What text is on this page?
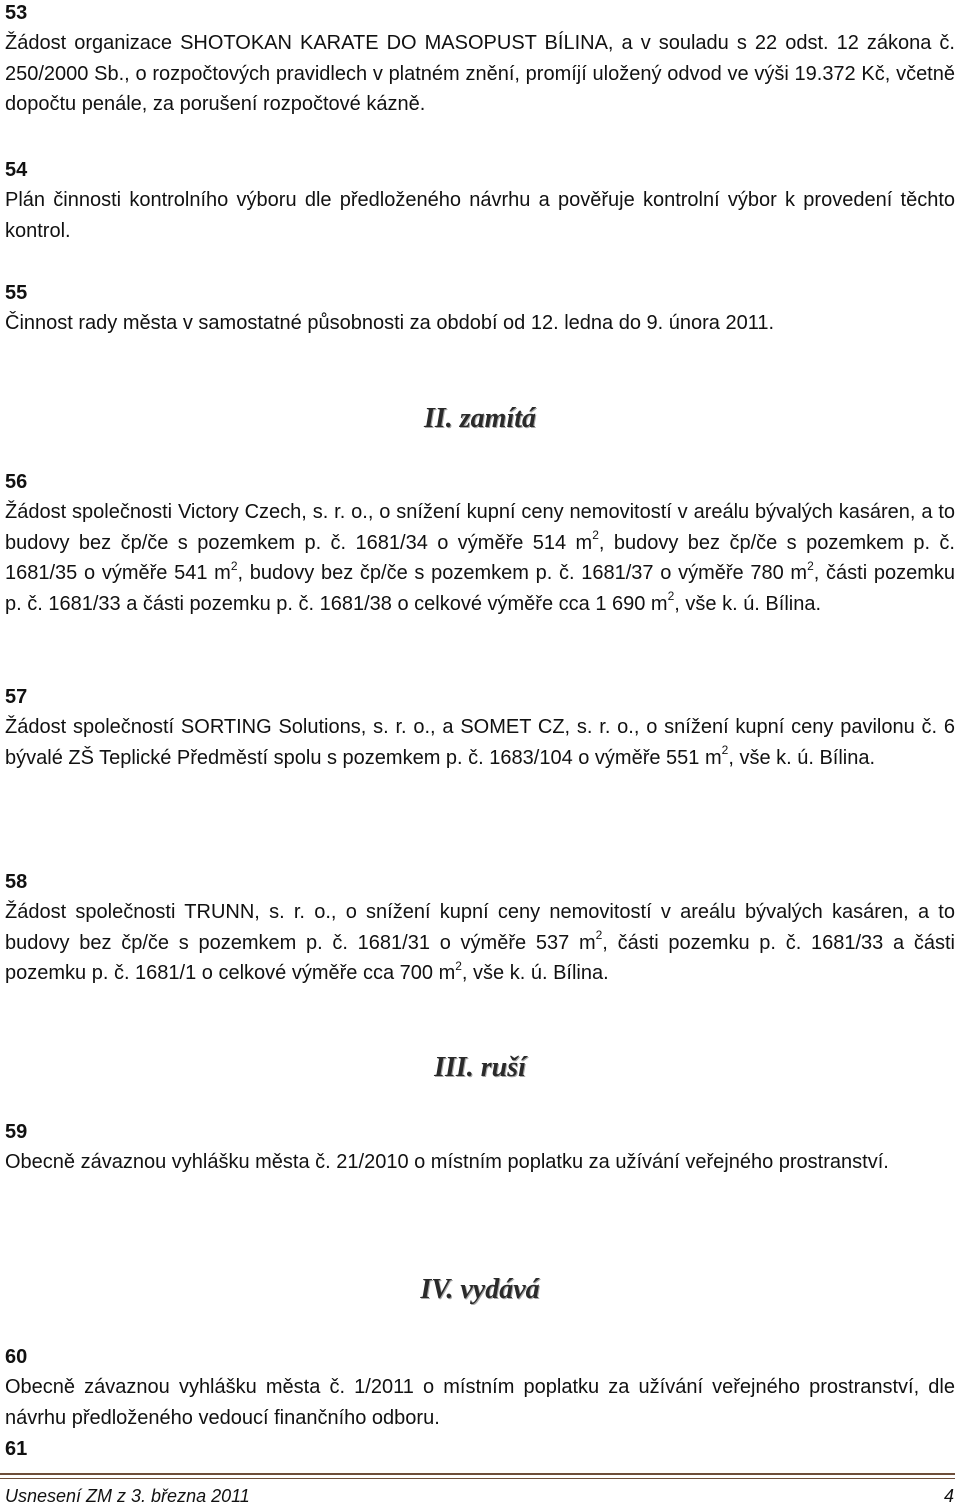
53

Žádost organizace SHOTOKAN KARATE DO MASOPUST BÍLINA, a v souladu s 22 odst. 12 zákona č. 250/2000 Sb., o rozpočtových pravidlech v platném znění, promíjí uložený odvod ve výši 19.372 Kč, včetně dopočtu penále, za porušení rozpočtové kázně.

54

Plán činnosti kontrolního výboru dle předloženého návrhu a pověřuje kontrolní výbor k provedení těchto kontrol.

55

Činnost rady města v samostatné působnosti za období od 12. ledna do 9. února 2011.

II. zamítá

56

Žádost společnosti Victory Czech, s. r. o., o snížení kupní ceny nemovitostí v areálu bývalých kasáren, a to budovy bez čp/če s pozemkem p. č. 1681/34 o výměře 514 $m^2$, budovy bez čp/če s pozemkem p. č. 1681/35 o výměře 541 $m^2$, budovy bez čp/če s pozemkem p. č. 1681/37 o výměře 780 $m^2$, části pozemku p. č. 1681/33 a části pozemku p. č. 1681/38 o celkové výměře cca 1 690 $m^2$, vše k. ú. Bílina.

57

Žádost společností SORTING Solutions, s. r. o., a SOMET CZ, s. r. o., o snížení kupní ceny pavilonu č. 6 bývalé ZŠ Teplické Předměstí spolu s pozemkem p. č. 1683/104 o výměře 551 $m^2$, vše k. ú. Bílina.

58

Žádost společnosti TRUNN, s. r. o., o snížení kupní ceny nemovitostí v areálu bývalých kasáren, a to budovy bez čp/če s pozemkem p. č. 1681/31 o výměře 537 $m^2$, části pozemku p. č. 1681/33 a části pozemku p. č. 1681/1 o celkové výměře cca 700 $m^2$, vše k. ú. Bílina.

III. ruší

59

Obecně závaznou vyhlášku města č. 21/2010 o místním poplatku za užívání veřejného prostranství.

IV. vydává

60

Obecně závaznou vyhlášku města č. 1/2011 o místním poplatku za užívání veřejného prostranství, dle návrhu předloženého vedoucí finančního odboru.

61

Usnesení ZM z 3. března 2011	4
